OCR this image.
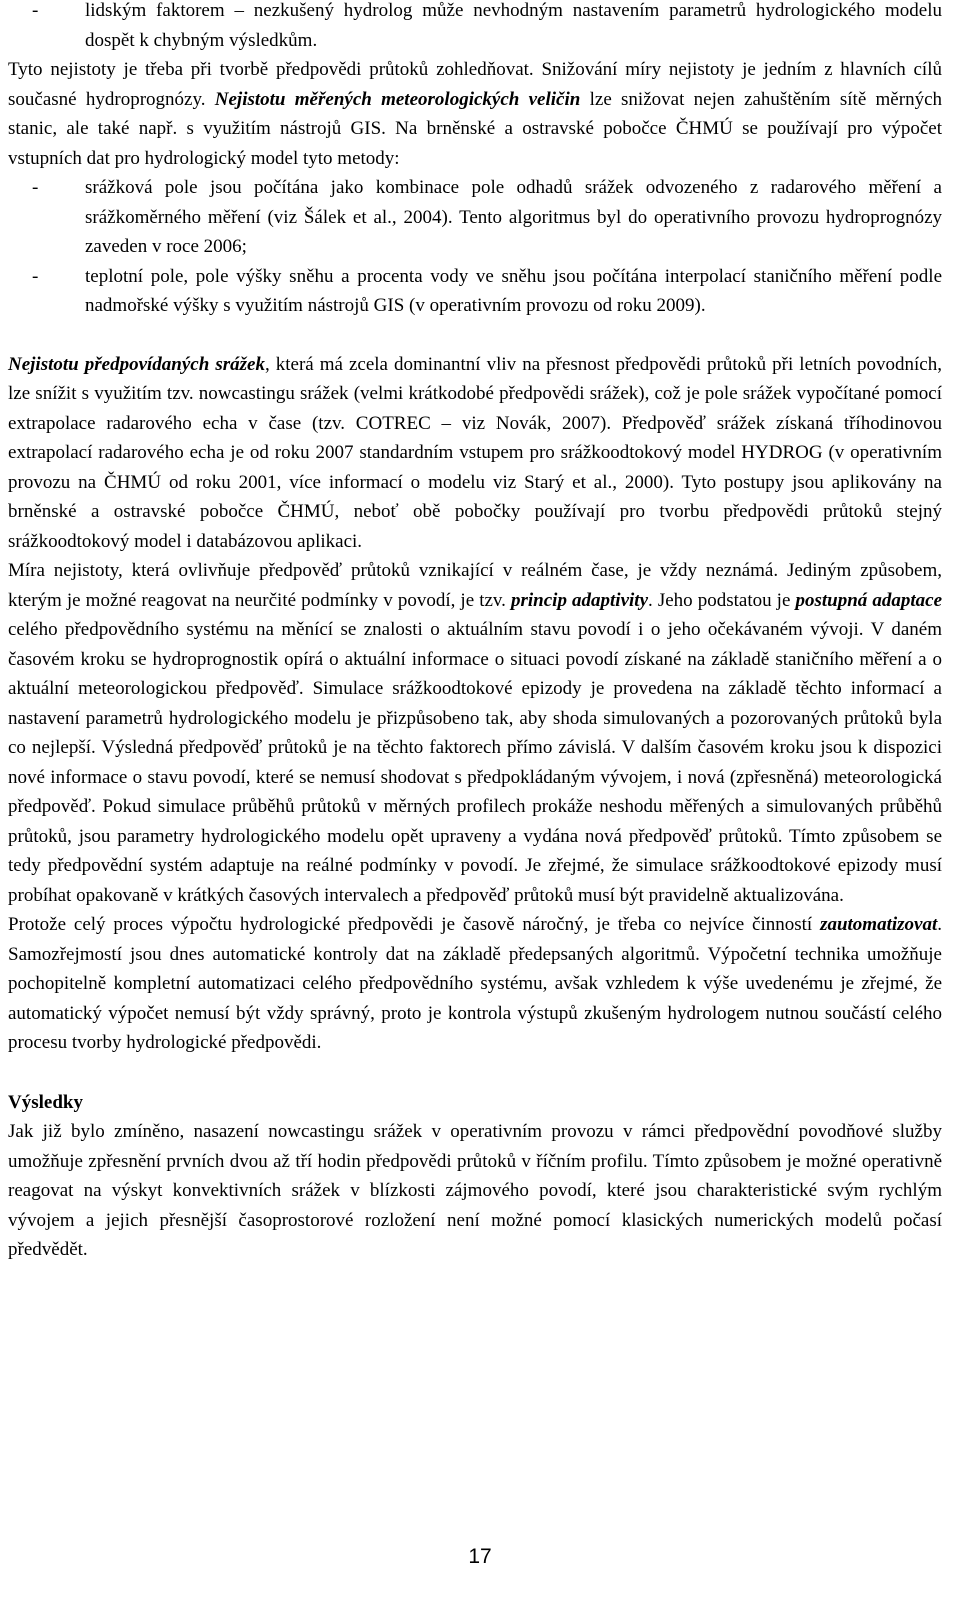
- lidským faktorem – nezkušený hydrolog může nevhodným nastavením parametrů hydrologického modelu dospět k chybným výsledkům.

Tyto nejistoty je třeba při tvorbě předpovědi průtoků zohledňovat. Snižování míry nejistoty je jedním z hlavních cílů současné hydroprognózy. Nejistotu měřených meteorologických veličin lze snižovat nejen zahuštěním sítě měrných stanic, ale také např. s využitím nástrojů GIS. Na brněnské a ostravské pobočce ČHMÚ se používají pro výpočet vstupních dat pro hydrologický model tyto metody:

- srážková pole jsou počítána jako kombinace pole odhadů srážek odvozeného z radarového měření a srážkoměrného měření (viz Šálek et al., 2004). Tento algoritmus byl do operativního provozu hydroprognózy zaveden v roce 2006;
- teplotní pole, pole výšky sněhu a procenta vody ve sněhu jsou počítána interpolací staničního měření podle nadmořské výšky s využitím nástrojů GIS (v operativním provozu od roku 2009).

Nejistotu předpovídaných srážek, která má zcela dominantní vliv na přesnost předpovědi průtoků při letních povodních, lze snížit s využitím tzv. nowcastingu srážek (velmi krátkodobé předpovědi srážek), což je pole srážek vypočítané pomocí extrapolace radarového echa v čase (tzv. COTREC – viz Novák, 2007). Předpověď srážek získaná tříhodinovou extrapolací radarového echa je od roku 2007 standardním vstupem pro srážkoodtokový model HYDROG (v operativním provozu na ČHMÚ od roku 2001, více informací o modelu viz Starý et al., 2000). Tyto postupy jsou aplikovány na brněnské a ostravské pobočce ČHMÚ, neboť obě pobočky používají pro tvorbu předpovědi průtoků stejný srážkoodtokový model i databázovou aplikaci.

Míra nejistoty, která ovlivňuje předpověď průtoků vznikající v reálném čase, je vždy neznámá. Jediným způsobem, kterým je možné reagovat na neurčité podmínky v povodí, je tzv. princip adaptivity. Jeho podstatou je postupná adaptace celého předpovědního systému na měnící se znalosti o aktuálním stavu povodí i o jeho očekávaném vývoji. V daném časovém kroku se hydroprognostik opírá o aktuální informace o situaci povodí získané na základě staničního měření a o aktuální meteorologickou předpověď. Simulace srážkoodtokové epizody je provedena na základě těchto informací a nastavení parametrů hydrologického modelu je přizpůsobeno tak, aby shoda simulovaných a pozorovaných průtoků byla co nejlepší. Výsledná předpověď průtoků je na těchto faktorech přímo závislá. V dalším časovém kroku jsou k dispozici nové informace o stavu povodí, které se nemusí shodovat s předpokládaným vývojem, i nová (zpřesněná) meteorologická předpověď. Pokud simulace průběhů průtoků v měrných profilech prokáže neshodu měřených a simulovaných průběhů průtoků, jsou parametry hydrologického modelu opět upraveny a vydána nová předpověď průtoků. Tímto způsobem se tedy předpovědní systém adaptuje na reálné podmínky v povodí. Je zřejmé, že simulace srážkoodtokové epizody musí probíhat opakovaně v krátkých časových intervalech a předpověď průtoků musí být pravidelně aktualizována.

Protože celý proces výpočtu hydrologické předpovědi je časově náročný, je třeba co nejvíce činností zautomatizovat. Samozřejmostí jsou dnes automatické kontroly dat na základě předepsaných algoritmů. Výpočetní technika umožňuje pochopitelně kompletní automatizaci celého předpovědního systému, avšak vzhledem k výše uvedenému je zřejmé, že automatický výpočet nemusí být vždy správný, proto je kontrola výstupů zkušeným hydrologem nutnou součástí celého procesu tvorby hydrologické předpovědi.

Výsledky

Jak již bylo zmíněno, nasazení nowcastingu srážek v operativním provozu v rámci předpovědní povodňové služby umožňuje zpřesnění prvních dvou až tří hodin předpovědi průtoků v říčním profilu. Tímto způsobem je možné operativně reagovat na výskyt konvektivních srážek v blízkosti zájmového povodí, které jsou charakteristické svým rychlým vývojem a jejich přesnější časoprostorové rozložení není možné pomocí klasických numerických modelů počasí předvědět.

17
